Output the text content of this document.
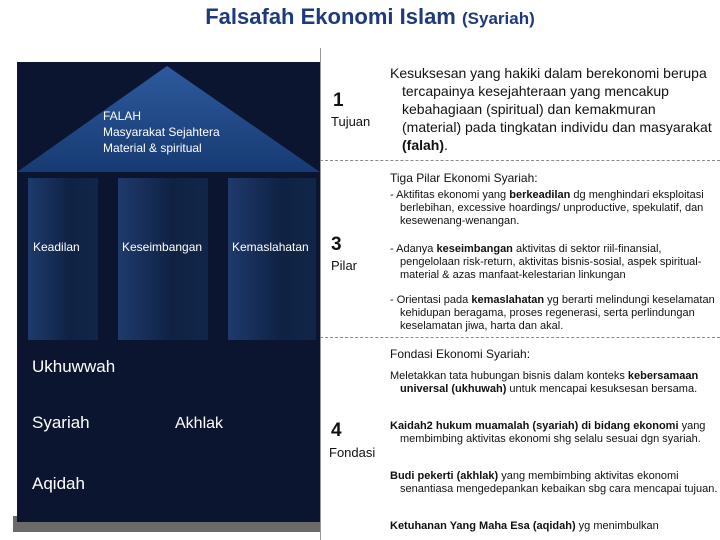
Falsafah Ekonomi Islam (Syariah)
FALAH
Masyarakat Sejahtera
Material & spiritual
Keadilan	Keseimbangan Kemaslahatan
Ukhuwwah
Syariah	Akhlak
Aqidah
1
Tujuan
Kesuksesan yang hakiki dalam berekonomi berupa tercapainya kesejahteraan yang mencakup kebahagiaan (spiritual) dan kemakmuran (material) pada tingkatan individu dan masyarakat (falah).
Tiga Pilar Ekonomi Syariah:
3
Pilar
- Aktifitas ekonomi yang berkeadilan dg menghindari eksploitasi berlebihan, excessive hoardings/ unproductive, spekulatif, dan kesewenang-wenangan.
- Adanya keseimbangan aktivitas di sektor riil-finansial, pengelolaan risk-return, aktivitas bisnis-sosial, aspek spiritual-material & azas manfaat-kelestarian linkungan
- Orientasi pada kemaslahatan yg berarti melindungi keselamatan kehidupan beragama, proses regenerasi, serta perlindungan keselamatan jiwa, harta dan akal.
Fondasi Ekonomi Syariah:
4
Fondasi
Meletakkan tata hubungan bisnis dalam konteks kebersamaan universal (ukhuwah) untuk mencapai kesuksesan bersama.
Kaidah2 hukum muamalah (syariah) di bidang ekonomi yang membimbing aktivitas ekonomi shg selalu sesuai dgn syariah.
Budi pekerti (akhlak) yang membimbing aktivitas ekonomi senantiasa mengedepankan kebaikan sbg cara mencapai tujuan.
Ketuhanan Yang Maha Esa (aqidah) yg menimbulkan
